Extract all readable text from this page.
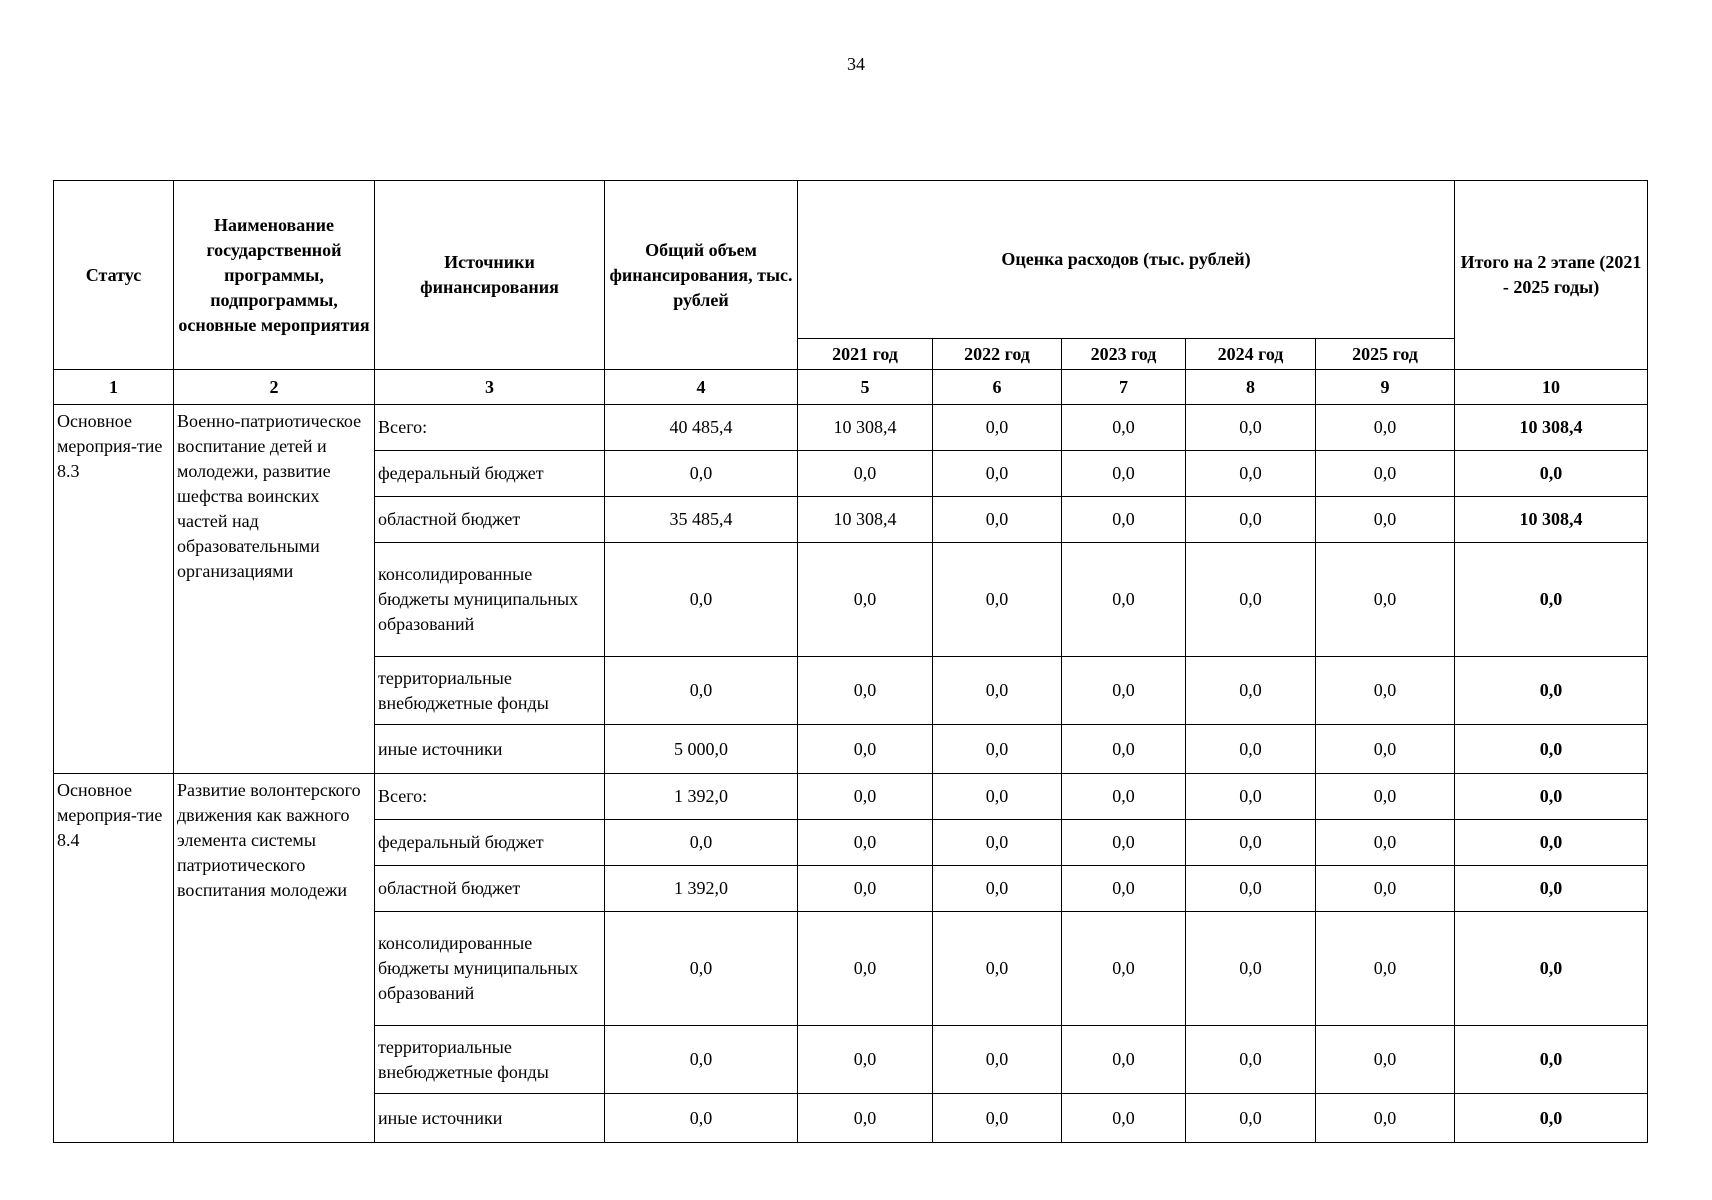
34
Статус	Наименование государственной программы, подпрограммы, основные мероприятия	Источники финансирования	Общий объем финансирования, тыс. рублей	Оценка расходов (тыс. рублей)					Итого на 2 этапе (2021 - 2025 годы)
				2021 год	2022 год	2023 год	2024 год	2025 год	
1	2	3	4	5	6	7	8	9	10
Основное мероприя-тие 8.3	Военно-патриотическое воспитание детей и молодежи, развитие шефства воинских частей над образовательными организациями	Всего:	40 485,4	10 308,4	0,0	0,0	0,0	0,0	10 308,4
		федеральный бюджет	0,0	0,0	0,0	0,0	0,0	0,0	0,0
		областной бюджет	35 485,4	10 308,4	0,0	0,0	0,0	0,0	10 308,4
		консолидированные бюджеты муниципальных образований	0,0	0,0	0,0	0,0	0,0	0,0	0,0
		территориальные внебюджетные фонды	0,0	0,0	0,0	0,0	0,0	0,0	0,0
		иные источники	5 000,0	0,0	0,0	0,0	0,0	0,0	0,0
Основное мероприя-тие 8.4	Развитие волонтерского движения как важного элемента системы патриотического воспитания молодежи	Всего:	1 392,0	0,0	0,0	0,0	0,0	0,0	0,0
		федеральный бюджет	0,0	0,0	0,0	0,0	0,0	0,0	0,0
		областной бюджет	1 392,0	0,0	0,0	0,0	0,0	0,0	0,0
		консолидированные бюджеты муниципальных образований	0,0	0,0	0,0	0,0	0,0	0,0	0,0
		территориальные внебюджетные фонды	0,0	0,0	0,0	0,0	0,0	0,0	0,0
		иные источники	0,0	0,0	0,0	0,0	0,0	0,0	0,0
